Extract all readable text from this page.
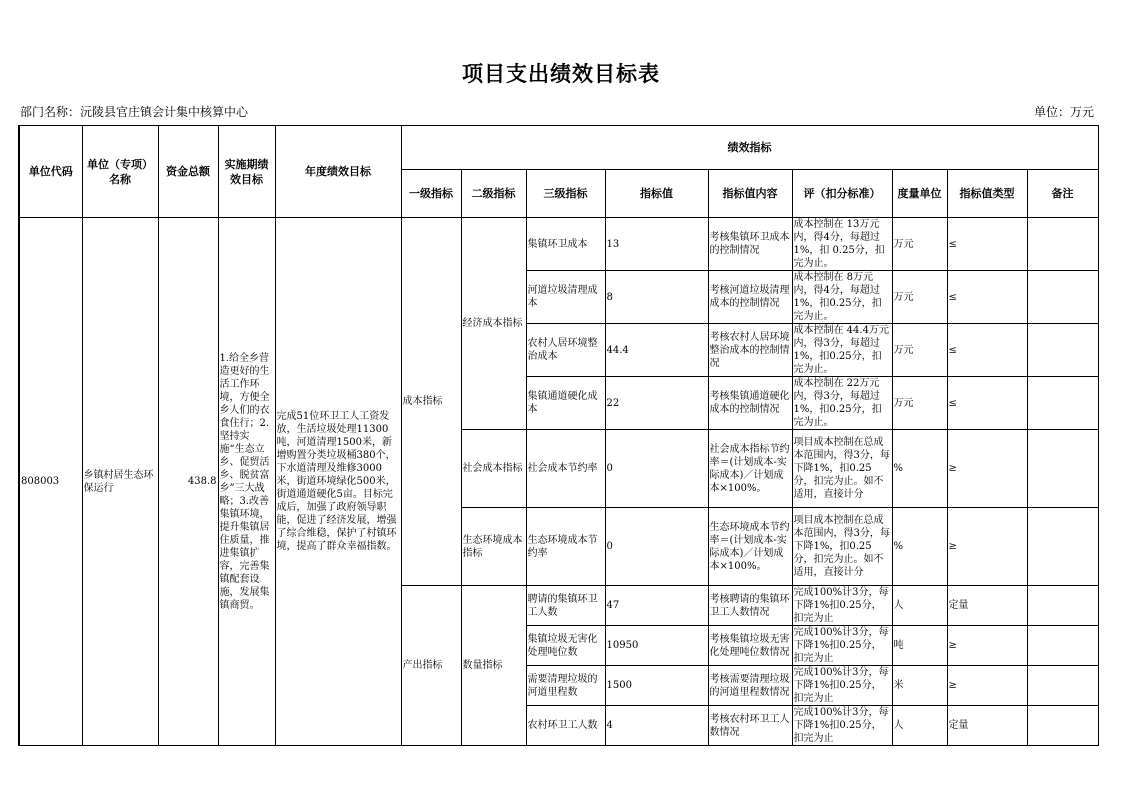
项目支出绩效目标表
部门名称：沅陵县官庄镇会计集中核算中心	单位：万元
单位代码	单位（专项）名称	资金总额	实施期绩效目标	年度绩效目标	绩效指标								
					一级指标	二级指标	三级指标	指标值	指标值内容	评（扣分标准）	度量单位	指标值类型	备注
808003	乡镇村居生态环保运行	438.8	1.给全乡营造更好的生活工作环境，方便全乡人们的衣食住行；2.坚持实施“生态立乡、促贸活乡、脱贫富乡”三大战略；3.改善集镇环境，提升集镇居住质量，推进集镇扩容，完善集镇配套设施，发展集镇商贸。	完成51位环卫工人工资发放，生活垃圾处理11300吨，河道清理1500米，新增购置分类垃圾桶380个，下水道清理及维修3000米，街道环境绿化500米，街道通道硬化5亩。目标完成后，加强了政府领导职能，促进了经济发展，增强了综合维稳，保护了村镇环境，提高了群众幸福指数。	成本指标	经济成本指标	集镇环卫成本	13	考核集镇环卫成本的控制情况	成本控制在 13万元内，得4分，每超过 1%，扣 0.25分，扣完为止。	万元	≤	
							河道垃圾清理成本	8	考核河道垃圾清理成本的控制情况	成本控制在 8万元内，得4分，每超过 1%，扣0.25分，扣完为止。	万元	≤	
							农村人居环境整治成本	44.4	考核农村人居环境整治成本的控制情况	成本控制在 44.4万元内，得3分，每超过 1%，扣0.25分，扣完为止。	万元	≤	
							集镇通道硬化成本	22	考核集镇通道硬化成本的控制情况	成本控制在 22万元内，得3分，每超过 1%，扣0.25分，扣完为止。	万元	≤	
						社会成本指标	社会成本节约率	0	社会成本指标节约率＝(计划成本-实际成本)／计划成本×100%。	项目成本控制在总成本范围内，得3分，每下降1%，扣0.25分，扣完为止。如不适用，直接计分	%	≥	
						生态环境成本指标	生态环境成本节约率	0	生态环境成本节约率＝(计划成本-实际成本)／计划成本×100%。	项目成本控制在总成本范围内，得3分，每下降1%，扣0.25分，扣完为止。如不适用，直接计分	%	≥	
					产出指标	数量指标	聘请的集镇环卫工人数	47	考核聘请的集镇环卫工人数情况	完成100%计3分，每下降1%扣0.25分，扣完为止	人	定量	
							集镇垃圾无害化处理吨位数	10950	考核集镇垃圾无害化处理吨位数情况	完成100%计3分，每下降1%扣0.25分，扣完为止	吨	≥	
							需要清理垃圾的河道里程数	1500	考核需要清理垃圾的河道里程数情况	完成100%计3分，每下降1%扣0.25分，扣完为止	米	≥	
							农村环卫工人数	4	考核农村环卫工人数情况	完成100%计3分，每下降1%扣0.25分，扣完为止	人	定量	
